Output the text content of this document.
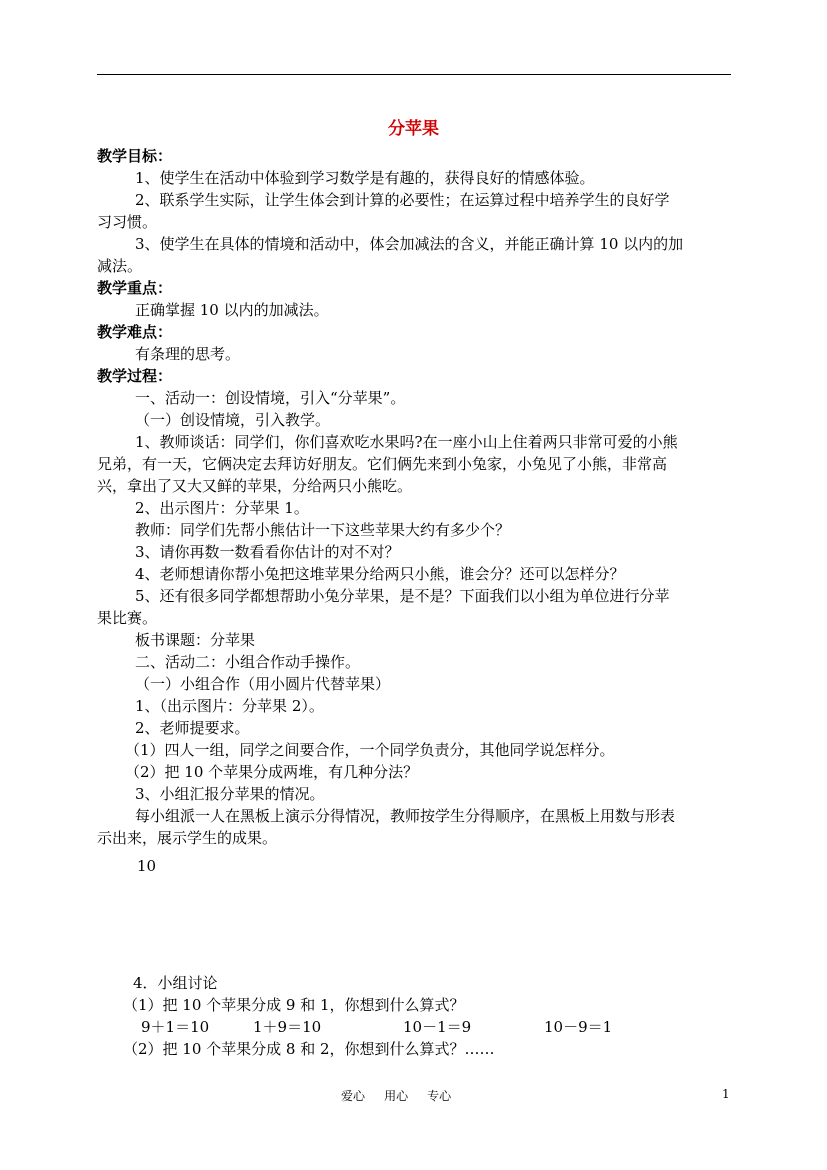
分苹果
教学目标：
1、使学生在活动中体验到学习数学是有趣的，获得良好的情感体验。
2、联系学生实际，让学生体会到计算的必要性；在运算过程中培养学生的良好学
习习惯。
3、使学生在具体的情境和活动中，体会加减法的含义，并能正确计算 10 以内的加
减法。
教学重点：
正确掌握 10 以内的加减法。
教学难点：
有条理的思考。
教学过程：
一、活动一：创设情境，引入“分苹果”。
（一）创设情境，引入教学。
1、教师谈话：同学们，你们喜欢吃水果吗?在一座小山上住着两只非常可爱的小熊
兄弟，有一天，它俩决定去拜访好朋友。它们俩先来到小兔家，小兔见了小熊，非常高
兴，拿出了又大又鲜的苹果，分给两只小熊吃。
2、出示图片：分苹果 1。
教师：同学们先帮小熊估计一下这些苹果大约有多少个？
3、请你再数一数看看你估计的对不对？
4、老师想请你帮小兔把这堆苹果分给两只小熊，谁会分？还可以怎样分？
5、还有很多同学都想帮助小兔分苹果，是不是？下面我们以小组为单位进行分苹
果比赛。
板书课题：分苹果
二、活动二：小组合作动手操作。
（一）小组合作（用小圆片代替苹果）
1、（出示图片：分苹果 2）。
2、老师提要求。
（1）四人一组，同学之间要合作，一个同学负责分，其他同学说怎样分。
（2）把 10 个苹果分成两堆，有几种分法？
3、小组汇报分苹果的情况。
每小组派一人在黑板上演示分得情况，教师按学生分得顺序，在黑板上用数与形表
示出来，展示学生的成果。
10
4．小组讨论
（1）把 10 个苹果分成 9 和 1，你想到什么算式？
9＋1＝10	1＋9＝10	10－1＝9	10－9＝1
（2）把 10 个苹果分成 8 和 2，你想到什么算式？……
爱心     用心     专心	1
